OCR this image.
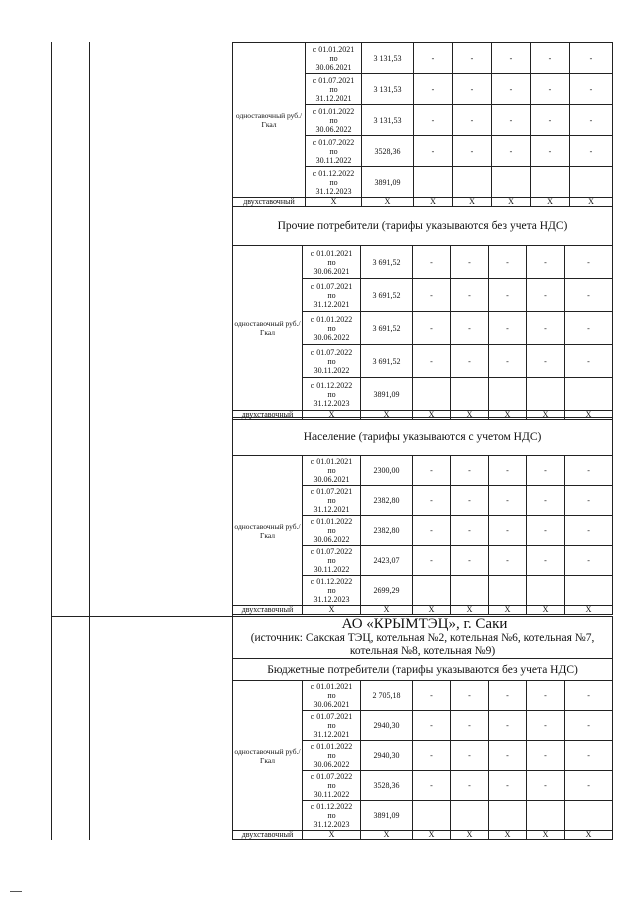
одноставочный руб./Гкал	с 01.01.2021
по
30.06.2021	3 131,53	-	-	-	-	-

	с 01.07.2021
по
31.12.2021	3 131,53	-	-	-	-	-

	с 01.01.2022
по
30.06.2022	3 131,53	-	-	-	-	-

	с 01.07.2022
по
30.11.2022	3528,36	-	-	-	-	-

	с 01.12.2022
по
31.12.2023	3891,09					
двухставочный	Х	Х	Х	Х	Х	Х	Х
Прочие потребители (тарифы указываются без учета НДС)							
одноставочный руб./Гкал	с 01.01.2021
по
30.06.2021	3 691,52	-	-	-	-	-

	с 01.07.2021
по
31.12.2021	3 691,52	-	-	-	-	-

	с 01.01.2022
по
30.06.2022	3 691,52	-	-	-	-	-

	с 01.07.2022
по
30.11.2022	3 691,52	-	-	-	-	-

	с 01.12.2022
по
31.12.2023	3891,09					
двухставочный	Х	Х	Х	Х	Х	Х	Х
Население (тарифы указываются с учетом НДС)							
одноставочный руб./Гкал	с 01.01.2021
по
30.06.2021	2300,00	-	-	-	-	-

	с 01.07.2021
по
31.12.2021	2382,80	-	-	-	-	-

	с 01.01.2022
по
30.06.2022	2382,80	-	-	-	-	-

	с 01.07.2022
по
30.11.2022	2423,07	-	-	-	-	-

	с 01.12.2022
по
31.12.2023	2699,29					
двухставочный	Х	Х	Х	Х	Х	Х	Х
АО «КРЫМТЭЦ», г. Саки
(источник: Сакская ТЭЦ, котельная №2, котельная №6, котельная №7, котельная №8, котельная №9)							

Бюджетные потребители (тарифы указываются без учета НДС)							
одноставочный руб./Гкал	с 01.01.2021
по
30.06.2021	2 705,18	-	-	-	-	-

	с 01.07.2021
по
31.12.2021	2940,30	-	-	-	-	-

	с 01.01.2022
по
30.06.2022	2940,30	-	-	-	-	-

	с 01.07.2022
по
30.11.2022	3528,36	-	-	-	-	-

	с 01.12.2022
по
31.12.2023	3891,09					
двухставочный	Х	Х	Х	Х	Х	Х	Х
